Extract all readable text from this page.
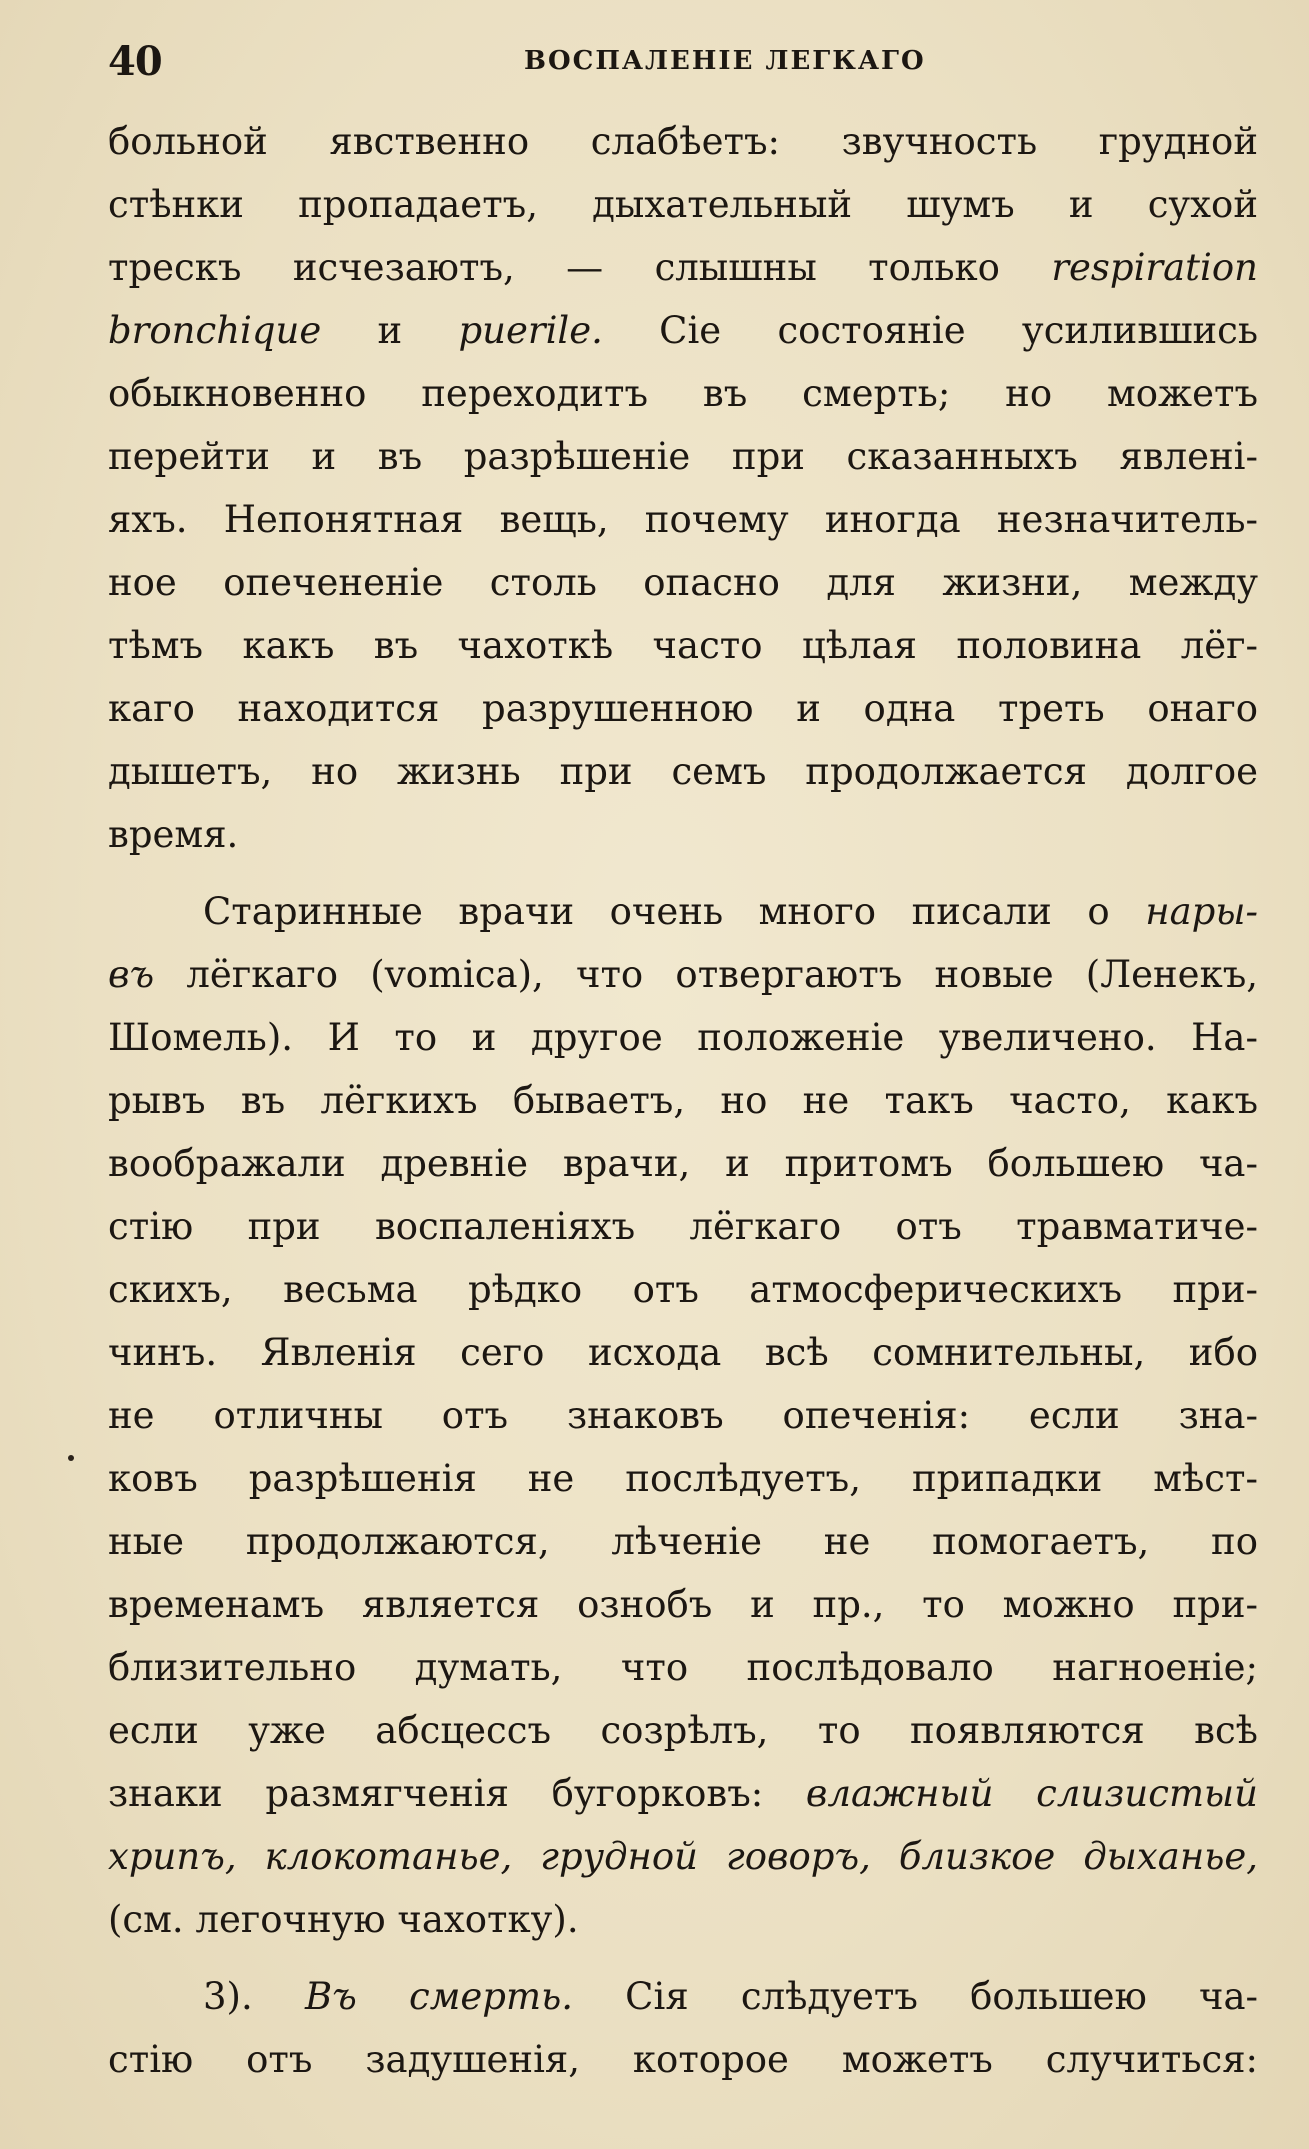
40	ВОСПАЛЕНІЕ ЛЕГКАГО
больной явственно слабѣетъ: звучность грудной
стѣнки пропадаетъ, дыхательный шумъ и сухой
трескъ исчезаютъ, — слышны только respiration
bronchique и puerile. Сіе состояніе усилившись
обыкновенно переходитъ въ смерть; но можетъ
перейти и въ разрѣшеніе при сказанныхъ явлені-
яхъ. Непонятная вещь, почему иногда незначитель-
ное опечененіе столь опасно для жизни, между
тѣмъ какъ въ чахоткѣ часто цѣлая половина лёг-
каго находится разрушенною и одна треть онаго
дышетъ, но жизнь при семъ продолжается долгое
время.
Старинные врачи очень много писали о нары-
въ лёгкаго (vomica), что отвергаютъ новые (Ленекъ,
Шомель). И то и другое положеніе увеличено. На-
рывъ въ лёгкихъ бываетъ, но не такъ часто, какъ
воображали древніе врачи, и притомъ большею ча-
стію при воспаленіяхъ лёгкаго отъ травматиче-
скихъ, весьма рѣдко отъ атмосферическихъ при-
чинъ. Явленія сего исхода всѣ сомнительны, ибо
не отличны отъ знаковъ опеченія: если зна-
ковъ разрѣшенія не послѣдуетъ, припадки мѣст-
ные продолжаются, лѣченіе не помогаетъ, по
временамъ является ознобъ и пр., то можно при-
близительно думать, что послѣдовало нагноеніе;
если уже абсцессъ созрѣлъ, то появляются всѣ
знаки размягченія бугорковъ: влажный слизистый
хрипъ, клокотанье, грудной говоръ, близкое дыханье,
(см. легочную чахотку).
3). Въ смерть. Сія слѣдуетъ большею ча-
стію отъ задушенія, которое можетъ случиться:
